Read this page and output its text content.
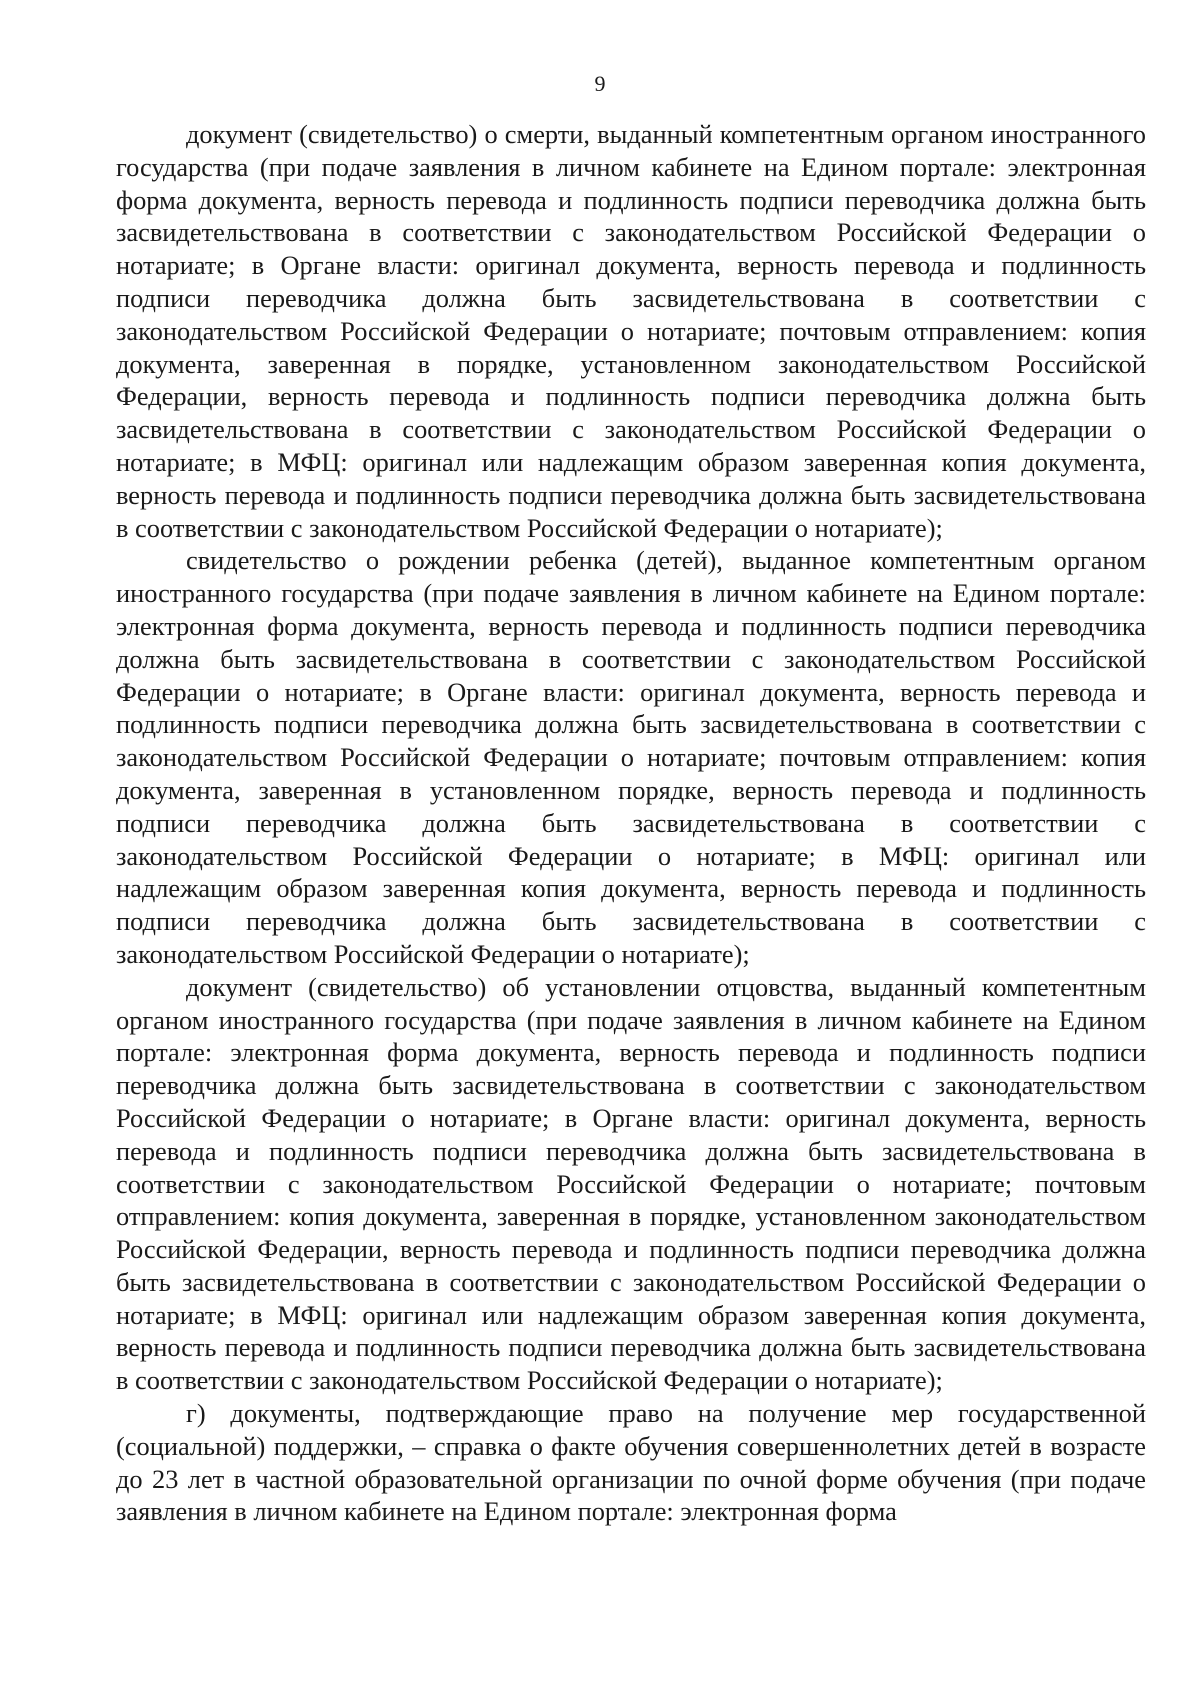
9

документ (свидетельство) о смерти, выданный компетентным органом иностранного государства (при подаче заявления в личном кабинете на Едином портале: электронная форма документа, верность перевода и подлинность подписи переводчика должна быть засвидетельствована в соответствии с законодательством Российской Федерации о нотариате; в Органе власти: оригинал документа, верность перевода и подлинность подписи переводчика должна быть засвидетельствована в соответствии с законодательством Российской Федерации о нотариате; почтовым отправлением: копия документа, заверенная в порядке, установленном законодательством Российской Федерации, верность перевода и подлинность подписи переводчика должна быть засвидетельствована в соответствии с законодательством Российской Федерации о нотариате; в МФЦ: оригинал или надлежащим образом заверенная копия документа, верность перевода и подлинность подписи переводчика должна быть засвидетельствована в соответствии с законодательством Российской Федерации о нотариате);

свидетельство о рождении ребенка (детей), выданное компетентным органом иностранного государства (при подаче заявления в личном кабинете на Едином портале: электронная форма документа, верность перевода и подлинность подписи переводчика должна быть засвидетельствована в соответствии с законодательством Российской Федерации о нотариате; в Органе власти: оригинал документа, верность перевода и подлинность подписи переводчика должна быть засвидетельствована в соответствии с законодательством Российской Федерации о нотариате; почтовым отправлением: копия документа, заверенная в установленном порядке, верность перевода и подлинность подписи переводчика должна быть засвидетельствована в соответствии с законодательством Российской Федерации о нотариате; в МФЦ: оригинал или надлежащим образом заверенная копия документа, верность перевода и подлинность подписи переводчика должна быть засвидетельствована в соответствии с законодательством Российской Федерации о нотариате);

документ (свидетельство) об установлении отцовства, выданный компетентным органом иностранного государства (при подаче заявления в личном кабинете на Едином портале: электронная форма документа, верность перевода и подлинность подписи переводчика должна быть засвидетельствована в соответствии с законодательством Российской Федерации о нотариате; в Органе власти: оригинал документа, верность перевода и подлинность подписи переводчика должна быть засвидетельствована в соответствии с законодательством Российской Федерации о нотариате; почтовым отправлением: копия документа, заверенная в порядке, установленном законодательством Российской Федерации, верность перевода и подлинность подписи переводчика должна быть засвидетельствована в соответствии с законодательством Российской Федерации о нотариате; в МФЦ: оригинал или надлежащим образом заверенная копия документа, верность перевода и подлинность подписи переводчика должна быть засвидетельствована в соответствии с законодательством Российской Федерации о нотариате);

г) документы, подтверждающие право на получение мер государственной (социальной) поддержки, – справка о факте обучения совершеннолетних детей в возрасте до 23 лет в частной образовательной организации по очной форме обучения (при подаче заявления в личном кабинете на Едином портале: электронная форма
